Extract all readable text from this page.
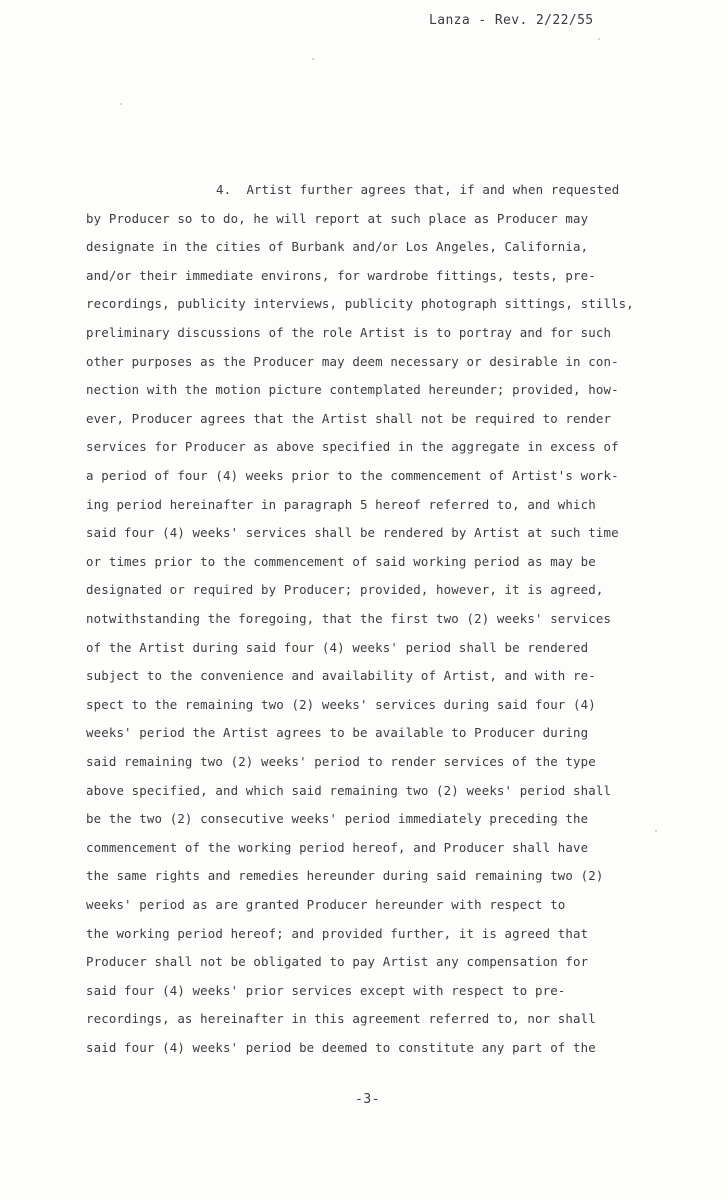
Lanza - Rev. 2/22/55
4.  Artist further agrees that, if and when requested
by Producer so to do, he will report at such place as Producer may
designate in the cities of Burbank and/or Los Angeles, California,
and/or their immediate environs, for wardrobe fittings, tests, pre-
recordings, publicity interviews, publicity photograph sittings, stills,
preliminary discussions of the role Artist is to portray and for such
other purposes as the Producer may deem necessary or desirable in con-
nection with the motion picture contemplated hereunder; provided, how-
ever, Producer agrees that the Artist shall not be required to render
services for Producer as above specified in the aggregate in excess of
a period of four (4) weeks prior to the commencement of Artist's work-
ing period hereinafter in paragraph 5 hereof referred to, and which
said four (4) weeks' services shall be rendered by Artist at such time
or times prior to the commencement of said working period as may be
designated or required by Producer; provided, however, it is agreed,
notwithstanding the foregoing, that the first two (2) weeks' services
of the Artist during said four (4) weeks' period shall be rendered
subject to the convenience and availability of Artist, and with re-
spect to the remaining two (2) weeks' services during said four (4)
weeks' period the Artist agrees to be available to Producer during
said remaining two (2) weeks' period to render services of the type
above specified, and which said remaining two (2) weeks' period shall
be the two (2) consecutive weeks' period immediately preceding the
commencement of the working period hereof, and Producer shall have
the same rights and remedies hereunder during said remaining two (2)
weeks' period as are granted Producer hereunder with respect to
the working period hereof; and provided further, it is agreed that
Producer shall not be obligated to pay Artist any compensation for
said four (4) weeks' prior services except with respect to pre-
recordings, as hereinafter in this agreement referred to, nor shall
said four (4) weeks' period be deemed to constitute any part of the
-3-
